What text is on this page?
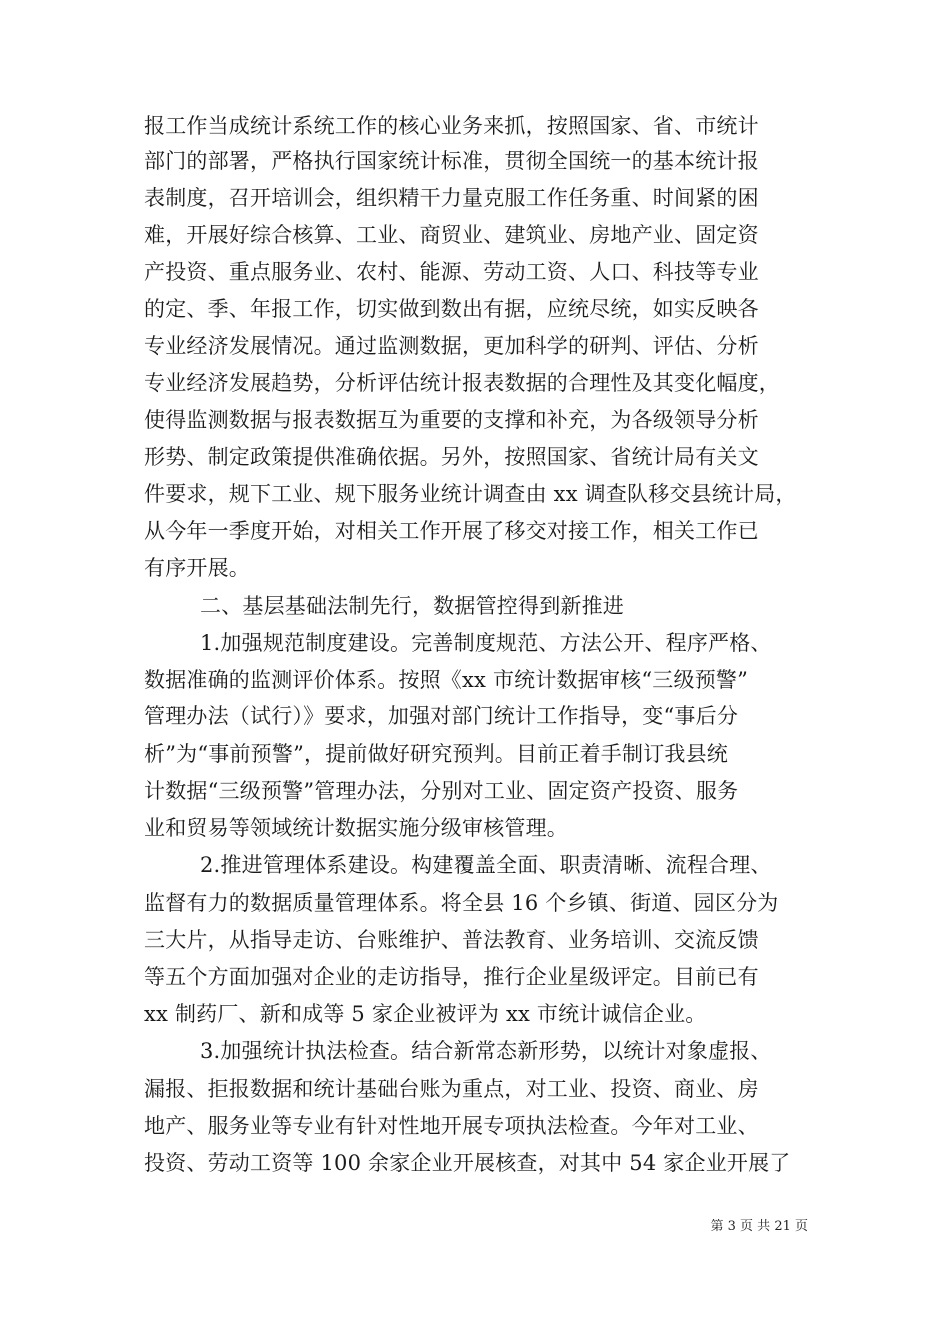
报工作当成统计系统工作的核心业务来抓，按照国家、省、市统计
部门的部署，严格执行国家统计标准，贯彻全国统一的基本统计报
表制度，召开培训会，组织精干力量克服工作任务重、时间紧的困
难，开展好综合核算、工业、商贸业、建筑业、房地产业、固定资
产投资、重点服务业、农村、能源、劳动工资、人口、科技等专业
的定、季、年报工作，切实做到数出有据，应统尽统，如实反映各
专业经济发展情况。通过监测数据，更加科学的研判、评估、分析
专业经济发展趋势，分析评估统计报表数据的合理性及其变化幅度，
使得监测数据与报表数据互为重要的支撑和补充，为各级领导分析
形势、制定政策提供准确依据。另外，按照国家、省统计局有关文
件要求，规下工业、规下服务业统计调查由 xx 调查队移交县统计局，
从今年一季度开始，对相关工作开展了移交对接工作，相关工作已
有序开展。
二、基层基础法制先行，数据管控得到新推进
1.加强规范制度建设。完善制度规范、方法公开、程序严格、
数据准确的监测评价体系。按照《xx 市统计数据审核“三级预警”
管理办法（试行）》要求，加强对部门统计工作指导，变“事后分
析”为“事前预警”，提前做好研究预判。目前正着手制订我县统
计数据“三级预警”管理办法，分别对工业、固定资产投资、服务
业和贸易等领域统计数据实施分级审核管理。
2.推进管理体系建设。构建覆盖全面、职责清晰、流程合理、
监督有力的数据质量管理体系。将全县 16 个乡镇、街道、园区分为
三大片，从指导走访、台账维护、普法教育、业务培训、交流反馈
等五个方面加强对企业的走访指导，推行企业星级评定。目前已有
xx 制药厂、新和成等 5 家企业被评为 xx 市统计诚信企业。
3.加强统计执法检查。结合新常态新形势，以统计对象虚报、
漏报、拒报数据和统计基础台账为重点，对工业、投资、商业、房
地产、服务业等专业有针对性地开展专项执法检查。今年对工业、
投资、劳动工资等 100 余家企业开展核查，对其中 54 家企业开展了
第 3 页 共 21 页
